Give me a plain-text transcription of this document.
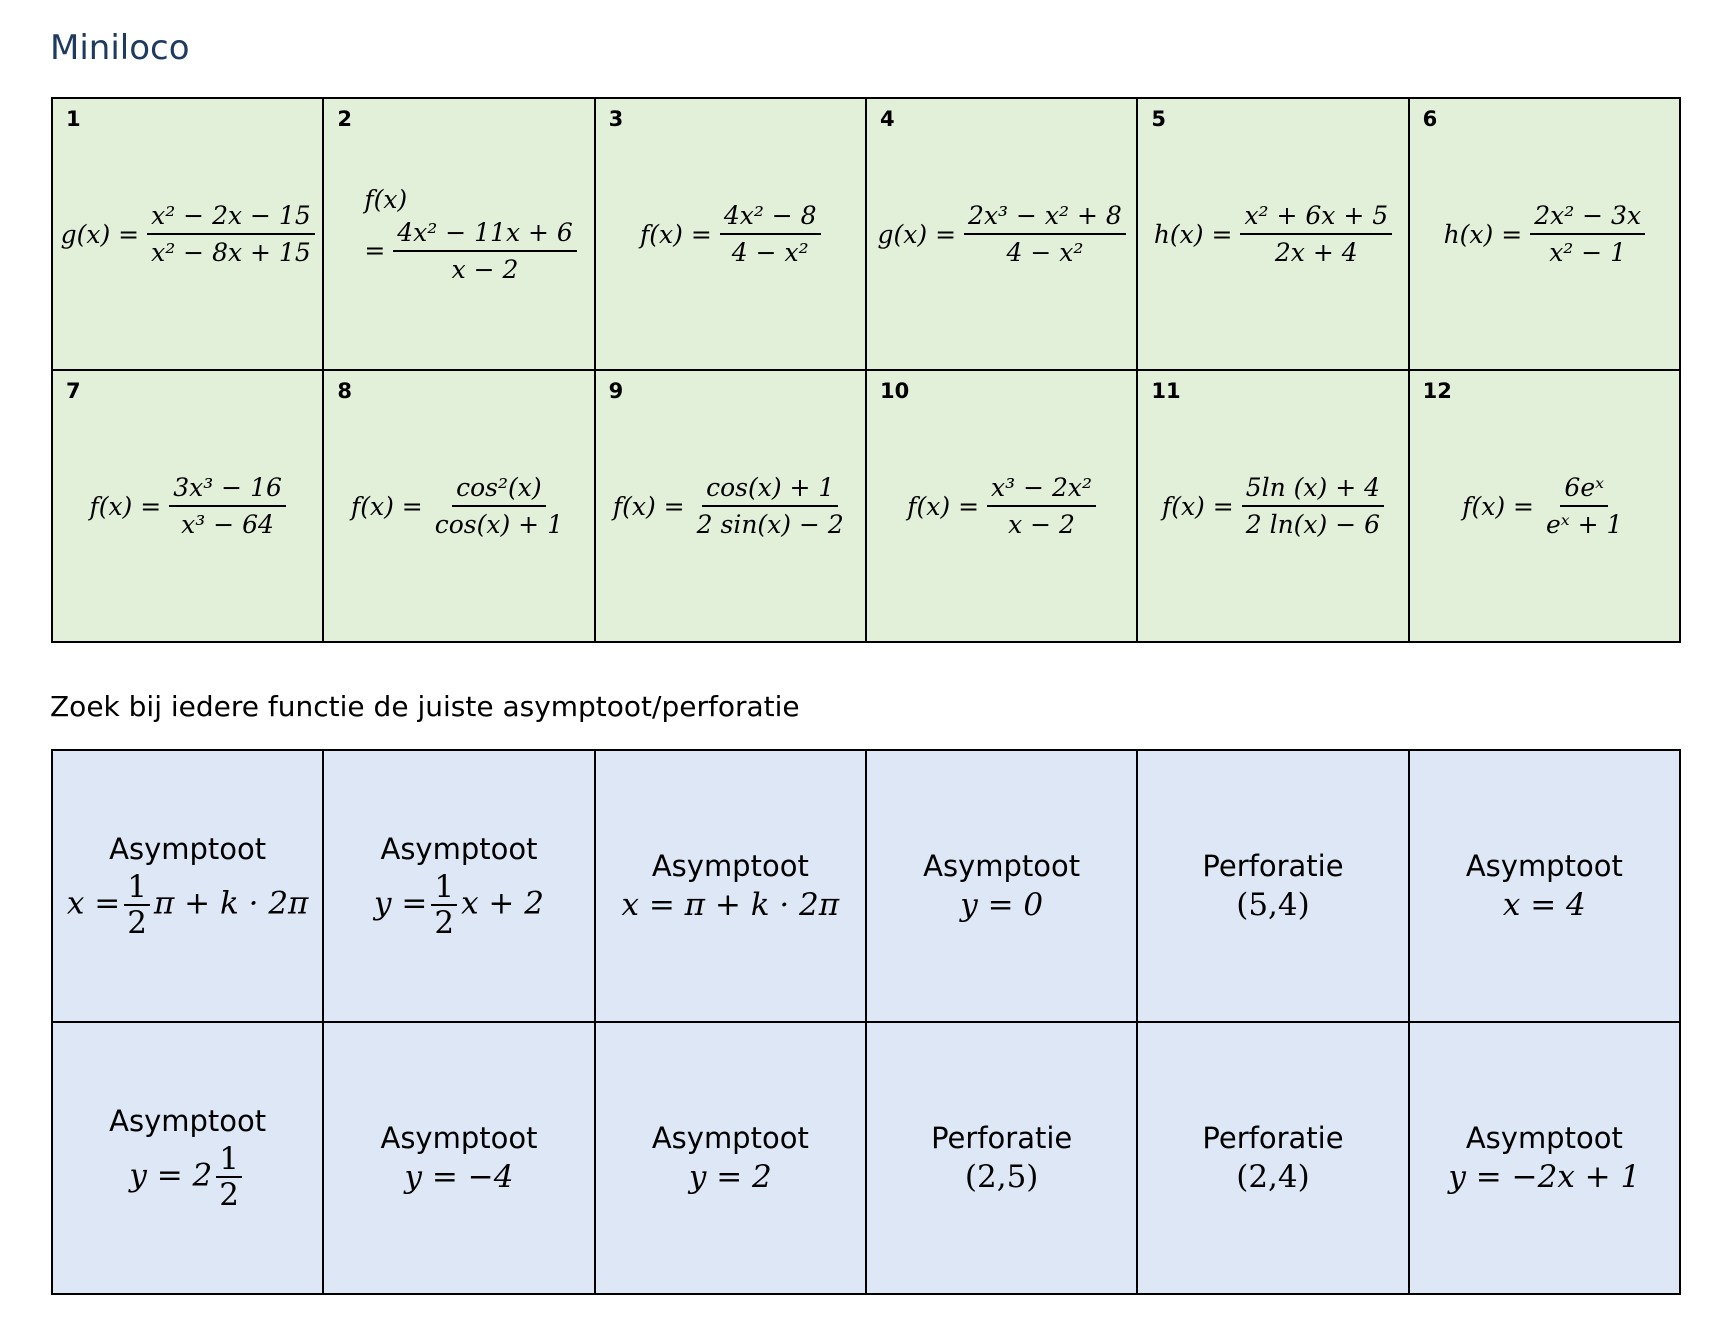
Miniloco
1
$g(x) = \frac{\text{x² − 2x − 15}}{\text{x² − 8x + 15}}$
2
f(x)
= $\frac{\text{4x² − 11x + 6}}{x - 2}$
3
$f(x) = \frac{\text{4x² − 8}}{\text{4 − x²}}$
4
$g(x) = \frac{\text{2x³ − x² + 8}}{\text{4 − x²}}$
5
$h(x) = \frac{\text{x² + 6x + 5}}{2x + 4}$
6
$h(x) = \frac{\text{2x² − 3x}}{\text{x² − 1}}$
7
$f(x) = \frac{\text{3x³ − 16}}{\text{x³ − 64}}$
8
$f(x) = \frac{\text{cos²(x)}}{\cos(x) + 1}$
9
$f(x) = \frac{\cos(x) + 1}{2 \sin(x) - 2}$
10
$f(x) = \frac{\text{x³ − 2x²}}{x - 2}$
11
$f(x) = \frac{5\ln (x) + 4}{2 \ln(x) - 6}$
12
$f(x) = \frac{\text{6eˣ}}{\text{eˣ + 1}}$
Zoek bij iedere functie de juiste asymptoot/perforatie
Asymptoot
$x = \frac{1}{2}$ π + k · 2π
Asymptoot
$y = \frac{1}{2}$ x + 2
Asymptoot
x = π + k · 2π
Asymptoot
y = 0
Perforatie
(5,4)
Asymptoot
x = 4
Asymptoot
$y = 2 \frac{1}{2}$
Asymptoot
y = −4
Asymptoot
y = 2
Perforatie
(2,5)
Perforatie
(2,4)
Asymptoot
y = −2x + 1
